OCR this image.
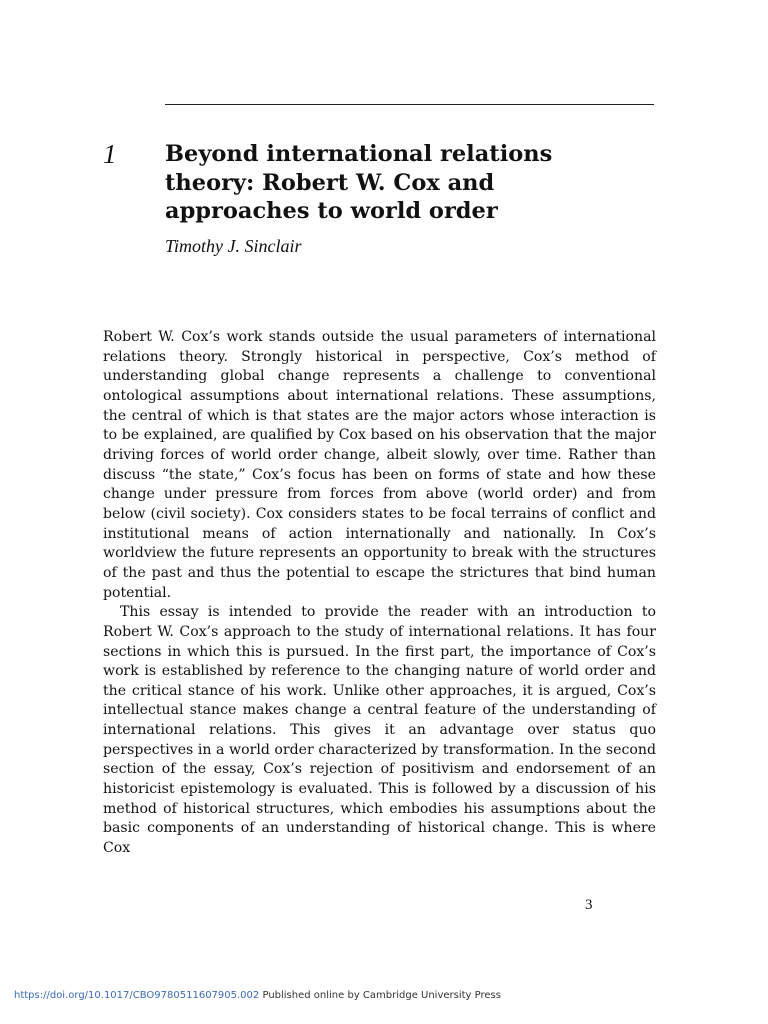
1 Beyond international relations theory: Robert W. Cox and approaches to world order
Timothy J. Sinclair

Robert W. Cox’s work stands outside the usual parameters of international relations theory. Strongly historical in perspective, Cox’s method of understanding global change represents a challenge to conventional ontological assumptions about international relations. These assumptions, the central of which is that states are the major actors whose interaction is to be explained, are qualified by Cox based on his observation that the major driving forces of world order change, albeit slowly, over time. Rather than discuss “the state,” Cox’s focus has been on forms of state and how these change under pressure from forces from above (world order) and from below (civil society). Cox considers states to be focal terrains of conflict and institutional means of action internationally and nationally. In Cox’s worldview the future represents an opportunity to break with the structures of the past and thus the potential to escape the strictures that bind human potential.

This essay is intended to provide the reader with an introduction to Robert W. Cox’s approach to the study of international relations. It has four sections in which this is pursued. In the first part, the importance of Cox’s work is established by reference to the changing nature of world order and the critical stance of his work. Unlike other approaches, it is argued, Cox’s intellectual stance makes change a central feature of the understanding of international relations. This gives it an advantage over status quo perspectives in a world order characterized by transformation. In the second section of the essay, Cox’s rejection of positivism and endorsement of an historicist epistemology is evaluated. This is followed by a discussion of his method of historical structures, which embodies his assumptions about the basic components of an understanding of historical change. This is where Cox

3
https://doi.org/10.1017/CBO9780511607905.002 Published online by Cambridge University Press
